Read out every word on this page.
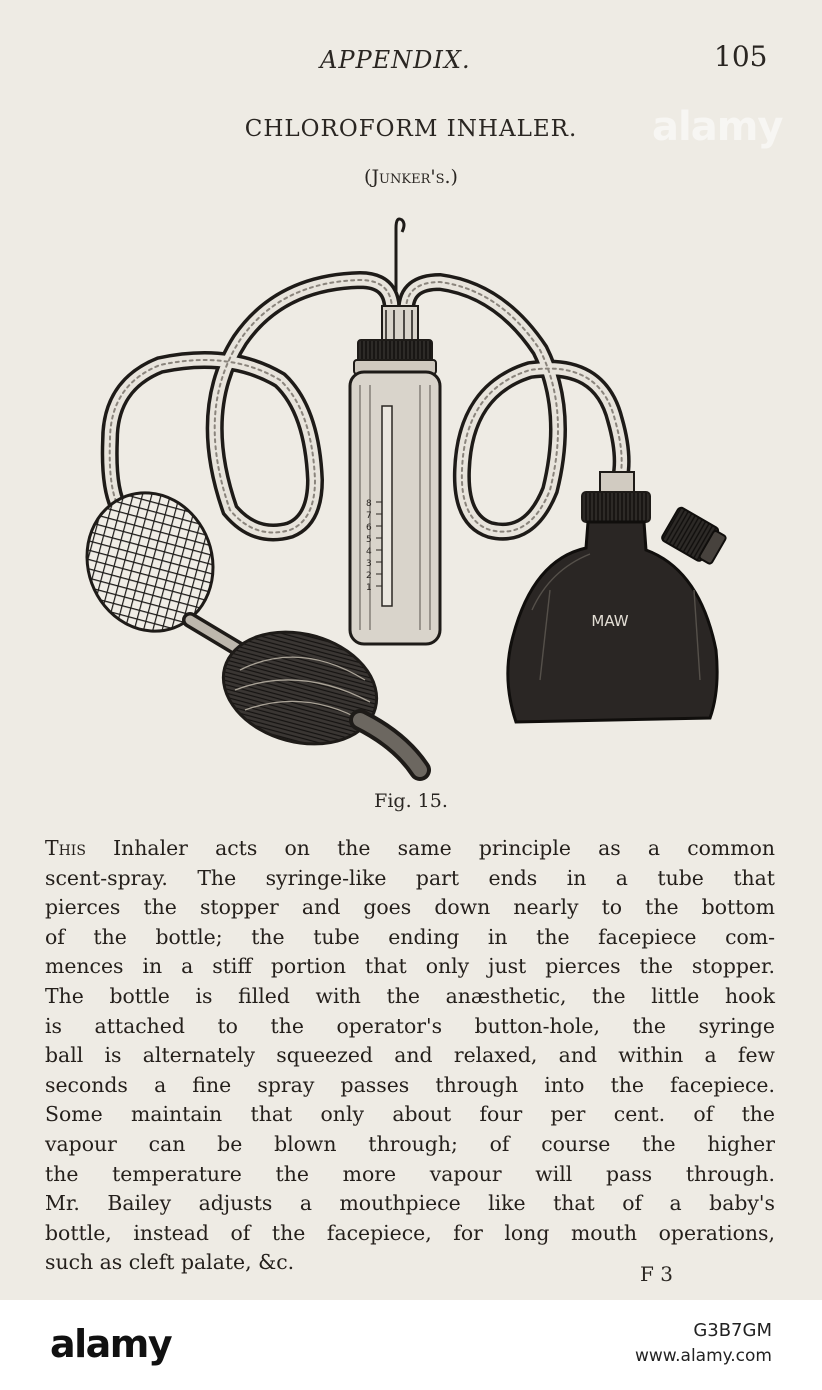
APPENDIX.	105
CHLOROFORM INHALER.
(Junker's.)
8
7
6
5
4
3
2
1
MAW
Fig. 15.
This Inhaler acts on the same principle as a common
scent-spray. The syringe-like part ends in a tube that
pierces the stopper and goes down nearly to the bottom
of the bottle; the tube ending in the facepiece com-
mences in a stiff portion that only just pierces the stopper.
The bottle is filled with the anæsthetic, the little hook
is attached to the operator's button-hole, the syringe
ball is alternately squeezed and relaxed, and within a few
seconds a fine spray passes through into the facepiece.
Some maintain that only about four per cent. of the
vapour can be blown through; of course the higher
the temperature the more vapour will pass through.
Mr. Bailey adjusts a mouthpiece like that of a baby's
bottle, instead of the facepiece, for long mouth operations,
such as cleft palate, &c.	F 3
alamy
alamy	G3B7GM
www.alamy.com
